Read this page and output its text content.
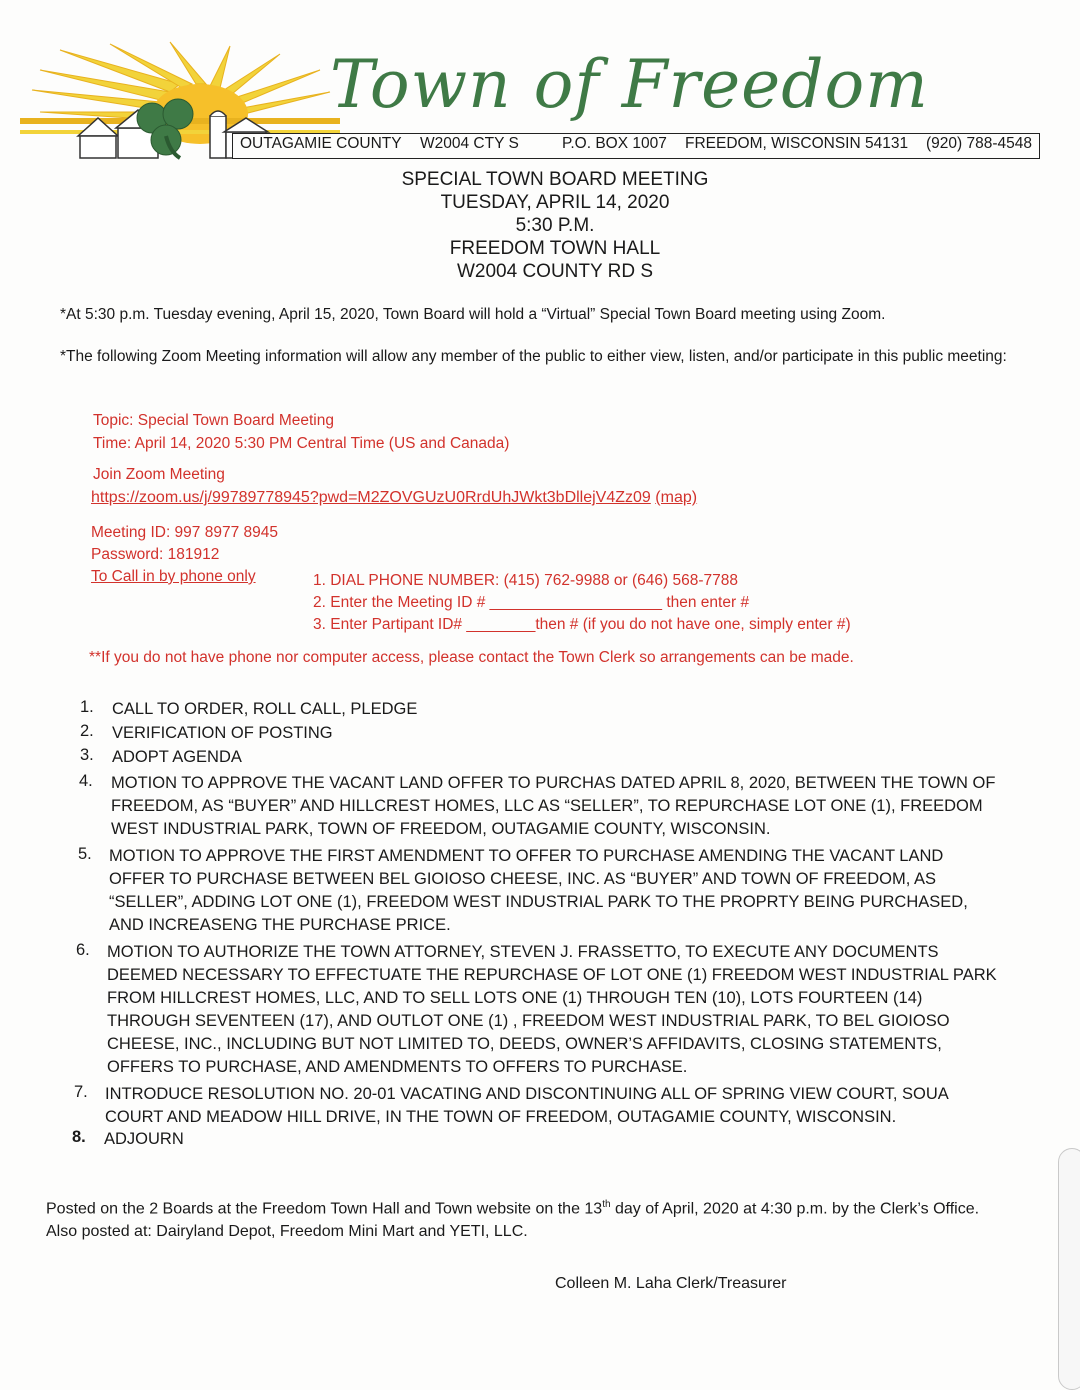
Town of Freedom
OUTAGAMIE COUNTY W2004 CTY S	P.O. BOX 1007 FREEDOM, WISCONSIN 54131 (920) 788-4548
SPECIAL TOWN BOARD MEETING
TUESDAY, APRIL 14, 2020
5:30 P.M.
FREEDOM TOWN HALL
W2004 COUNTY RD S
*At 5:30 p.m. Tuesday evening, April 15, 2020, Town Board will hold a “Virtual” Special Town Board meeting using Zoom.
*The following Zoom Meeting information will allow any member of the public to either view, listen, and/or participate in this public meeting:
Topic: Special Town Board Meeting
Time: April 14, 2020 5:30 PM Central Time (US and Canada)
Join Zoom Meeting
https://zoom.us/j/99789778945?pwd=M2ZOVGUzU0RrdUhJWkt3bDllejV4Zz09 (map)
Meeting ID: 997 8977 8945
Password: 181912
To Call in by phone only	1. DIAL PHONE NUMBER: (415) 762-9988 or (646) 568-7788
2. Enter the Meeting ID # ____________________ then enter #
3. Enter Partipant ID# ________then # (if you do not have one, simply enter #)
**If you do not have phone nor computer access, please contact the Town Clerk so arrangements can be made.
1. CALL TO ORDER, ROLL CALL, PLEDGE
2. VERIFICATION OF POSTING
3. ADOPT AGENDA
4. MOTION TO APPROVE THE VACANT LAND OFFER TO PURCHAS DATED APRIL 8, 2020, BETWEEN THE TOWN OF FREEDOM, AS “BUYER” AND HILLCREST HOMES, LLC AS “SELLER”, TO REPURCHASE LOT ONE (1), FREEDOM WEST INDUSTRIAL PARK, TOWN OF FREEDOM, OUTAGAMIE COUNTY, WISCONSIN.
5. MOTION TO APPROVE THE FIRST AMENDMENT TO OFFER TO PURCHASE AMENDING THE VACANT LAND OFFER TO PURCHASE BETWEEN BEL GIOIOSO CHEESE, INC. AS “BUYER” AND TOWN OF FREEDOM, AS “SELLER”, ADDING LOT ONE (1), FREEDOM WEST INDUSTRIAL PARK TO THE PROPRTY BEING PURCHASED, AND INCREASENG THE PURCHASE PRICE.
6. MOTION TO AUTHORIZE THE TOWN ATTORNEY, STEVEN J. FRASSETTO, TO EXECUTE ANY DOCUMENTS DEEMED NECESSARY TO EFFECTUATE THE REPURCHASE OF LOT ONE (1) FREEDOM WEST INDUSTRIAL PARK FROM HILLCREST HOMES, LLC, AND TO SELL LOTS ONE (1) THROUGH TEN (10), LOTS FOURTEEN (14) THROUGH SEVENTEEN (17), AND OUTLOT ONE (1) , FREEDOM WEST INDUSTRIAL PARK, TO BEL GIOIOSO CHEESE, INC., INCLUDING BUT NOT LIMITED TO, DEEDS, OWNER’S AFFIDAVITS, CLOSING STATEMENTS, OFFERS TO PURCHASE, AND AMENDMENTS TO OFFERS TO PURCHASE.
7. INTRODUCE RESOLUTION NO. 20-01 VACATING AND DISCONTINUING ALL OF SPRING VIEW COURT, SOUA COURT AND MEADOW HILL DRIVE, IN THE TOWN OF FREEDOM, OUTAGAMIE COUNTY, WISCONSIN.
8. ADJOURN
Posted on the 2 Boards at the Freedom Town Hall and Town website on the 13th day of April, 2020 at 4:30 p.m. by the Clerk’s Office. Also posted at: Dairyland Depot, Freedom Mini Mart and YETI, LLC.
Colleen M. Laha Clerk/Treasurer
